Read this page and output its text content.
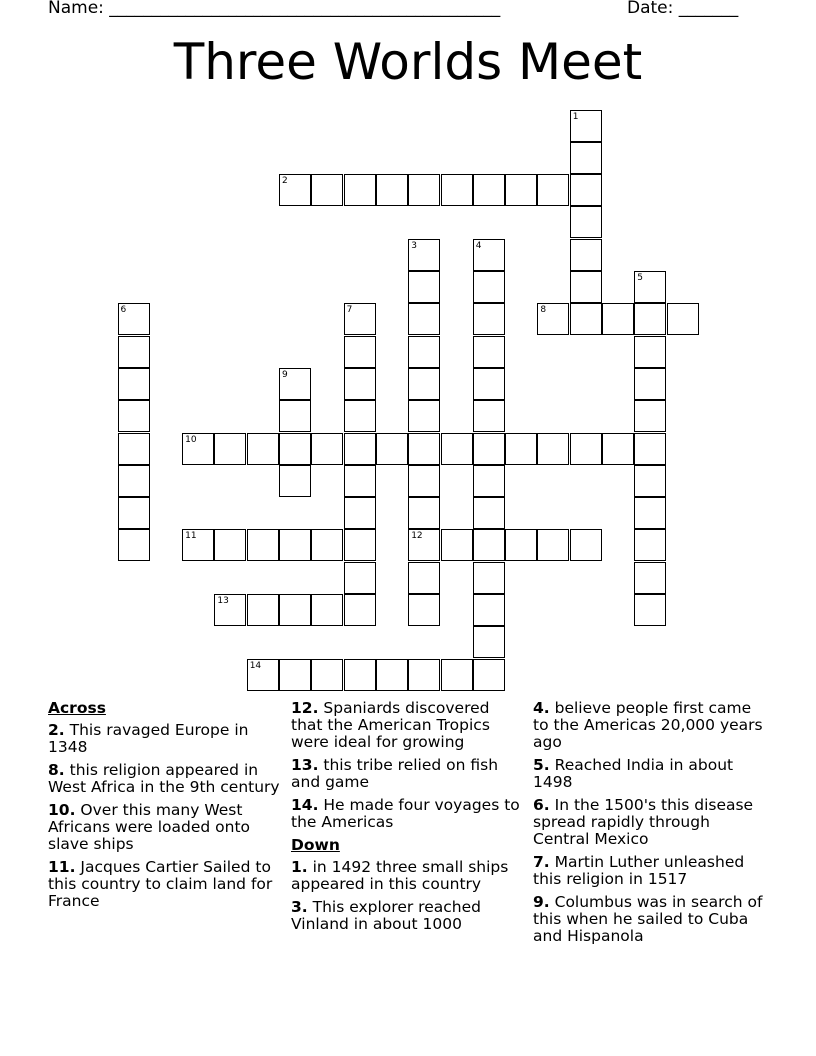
Name: ______________________________________________	Date: _______
Three Worlds Meet
1
2
3
12
4
5
6	7	8
9
10
11
13
14
Across
2. This ravaged Europe in 1348
8. this religion appeared in West Africa in the 9th century
10. Over this many West Africans were loaded onto slave ships
11. Jacques Cartier Sailed to this country to claim land for France
12. Spaniards discovered that the American Tropics were ideal for growing
13. this tribe relied on fish and game
14. He made four voyages to the Americas
Down
1. in 1492 three small ships appeared in this country
3. This explorer reached Vinland in about 1000
4. believe people first came to the Americas 20,000 years ago
5. Reached India in about 1498
6. In the 1500's this disease spread rapidly through Central Mexico
7. Martin Luther unleashed this religion in 1517
9. Columbus was in search of this when he sailed to Cuba and Hispanola
